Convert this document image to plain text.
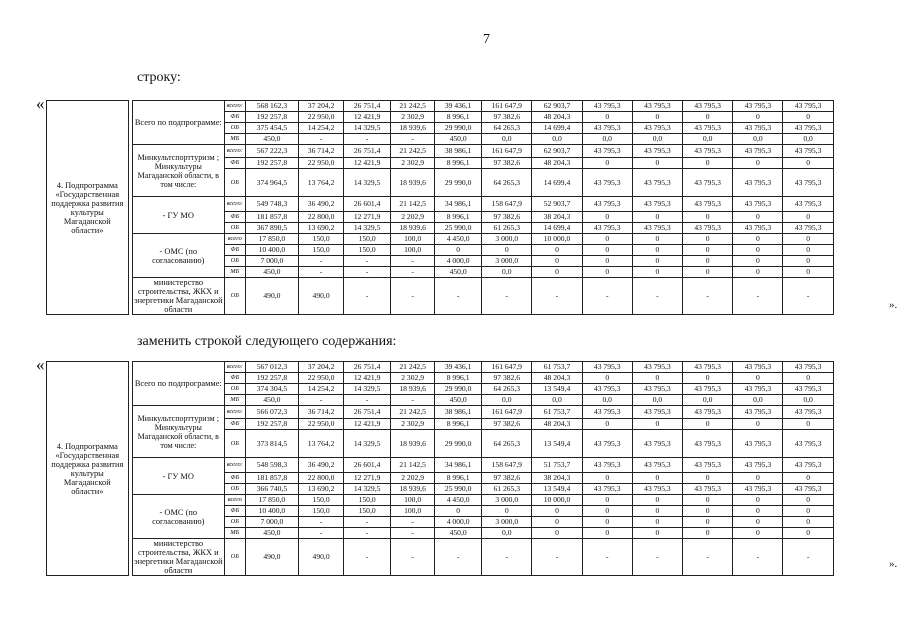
7
строку:
«
4. Подпрограмма «Государственная поддержка развития культуры Магаданской области»		Всего по подпрограмме:	всего:	568 162,3	37 204,2	26 751,4	21 242,5	39 436,1	161 647,9	62 903,7	43 795,3	43 795,3	43 795,3	43 795,3	43 795,3
			ФБ	192 257,8	22 950,0	12 421,9	2 302,9	8 996,1	97 382,6	48 204,3	0	0	0	0	0
			ОБ	375 454,5	14 254,2	14 329,5	18 939,6	29 990,0	64 265,3	14 699,4	43 795,3	43 795,3	43 795,3	43 795,3	43 795,3
			МБ	450,0	-	-	-	450,0	0,0	0,0	0,0	0,0	0,0	0,0	0,0
		Минкультспорттуризм ; Минкультуры Магаданской области, в том числе:	всего:	567 222,3	36 714,2	26 751,4	21 242,5	38 986,1	161 647,9	62 903,7	43 795,3	43 795,3	43 795,3	43 795,3	43 795,3
			ФБ	192 257,8	22 950,0	12 421,9	2 302,9	8 996,1	97 382,6	48 204,3	0	0	0	0	0
			ОБ	374 964,5	13 764,2	14 329,5	18 939,6	29 990,0	64 265,3	14 699,4	43 795,3	43 795,3	43 795,3	43 795,3	43 795,3
		- ГУ МО	всего:	549 748,3	36 490,2	26 601,4	21 142,5	34 986,1	158 647,9	52 903,7	43 795,3	43 795,3	43 795,3	43 795,3	43 795,3
			ФБ	181 857,8	22 800,0	12 271,9	2 202,9	8 996,1	97 382,6	38 204,3	0	0	0	0	0
			ОБ	367 890,5	13 690,2	14 329,5	18 939,6	25 990,0	61 265,3	14 699,4	43 795,3	43 795,3	43 795,3	43 795,3	43 795,3
		- ОМС (по согласованию)	всего	17 850,0	150,0	150,0	100,0	4 450,0	3 000,0	10 000,0	0	0	0	0	0
			ФБ	10 400,0	150,0	150,0	100,0	0	0	0	0	0	0	0	0
			ОБ	7 000,0	-	-	-	4 000,0	3 000,0	0	0	0	0	0	0
			МБ	450,0	-	-	-	450,0	0,0	0	0	0	0	0	0
		министерство строительства, ЖКХ и энергетики Магаданской области	ОБ	490,0	490,0	-	-	-	-	-	-	-	-	-	-
».
заменить строкой следующего содержания:
«
4. Подпрограмма «Государственная поддержка развития культуры Магаданской области»		Всего по подпрограмме:	всего:	567 012,3	37 204,2	26 751,4	21 242,5	39 436,1	161 647,9	61 753,7	43 795,3	43 795,3	43 795,3	43 795,3	43 795,3
			ФБ	192 257,8	22 950,0	12 421,9	2 302,9	8 996,1	97 382,6	48 204,3	0	0	0	0	0
			ОБ	374 304,5	14 254,2	14 329,5	18 939,6	29 990,0	64 265,3	13 549,4	43 795,3	43 795,3	43 795,3	43 795,3	43 795,3
			МБ	450,0	-	-	-	450,0	0,0	0,0	0,0	0,0	0,0	0,0	0,0
		Минкультспорттуризм ; Минкультуры Магаданской области, в том числе:	всего:	566 072,3	36 714,2	26 751,4	21 242,5	38 986,1	161 647,9	61 753,7	43 795,3	43 795,3	43 795,3	43 795,3	43 795,3
			ФБ	192 257,8	22 950,0	12 421,9	2 302,9	8 996,1	97 382,6	48 204,3	0	0	0	0	0
			ОБ	373 814,5	13 764,2	14 329,5	18 939,6	29 990,0	64 265,3	13 549,4	43 795,3	43 795,3	43 795,3	43 795,3	43 795,3
		- ГУ МО	всего:	548 598,3	36 490,2	26 601,4	21 142,5	34 986,1	158 647,9	51 753,7	43 795,3	43 795,3	43 795,3	43 795,3	43 795,3
			ФБ	181 857,8	22 800,0	12 271,9	2 202,9	8 996,1	97 382,6	38 204,3	0	0	0	0	0
			ОБ	366 740,5	13 690,2	14 329,5	18 939,6	25 990,0	61 265,3	13 549,4	43 795,3	43 795,3	43 795,3	43 795,3	43 795,3
		- ОМС (по согласованию)	всего	17 850,0	150,0	150,0	100,0	4 450,0	3 000,0	10 000,0	0	0	0	0	0
			ФБ	10 400,0	150,0	150,0	100,0	0	0	0	0	0	0	0	0
			ОБ	7 000,0	-	-	-	4 000,0	3 000,0	0	0	0	0	0	0
			МБ	450,0	-	-	-	450,0	0,0	0	0	0	0	0	0
		министерство строительства, ЖКХ и энергетики Магаданской области	ОБ	490,0	490,0	-	-	-	-	-	-	-	-	-	-
».
